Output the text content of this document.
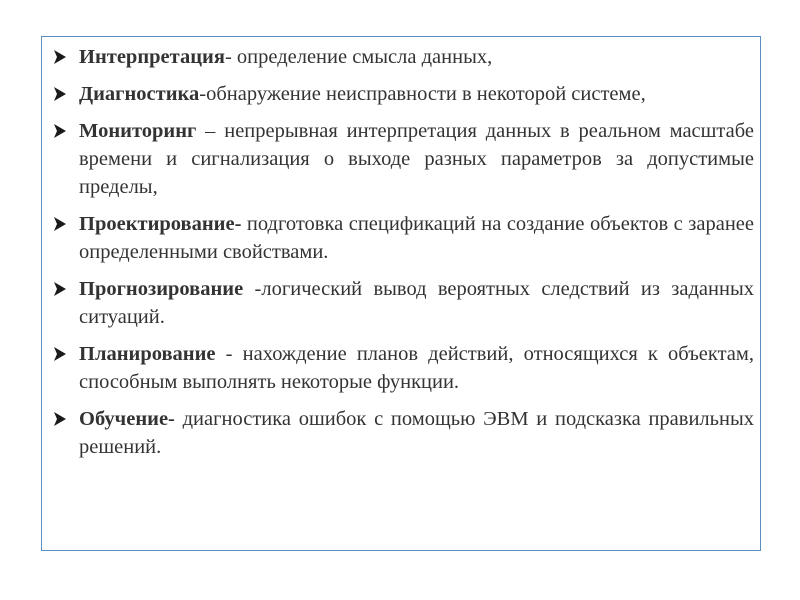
Интерпретация- определение смысла данных,
Диагностика-обнаружение неисправности в некоторой системе,
Мониторинг – непрерывная интерпретация данных в реальном масштабе времени и сигнализация о выходе разных параметров за допустимые пределы,
Проектирование- подготовка спецификаций на создание объектов с заранее определенными свойствами.
Прогнозирование -логический вывод вероятных следствий из заданных ситуаций.
Планирование - нахождение планов действий, относящихся к объектам, способным выполнять некоторые функции.
Обучение- диагностика ошибок с помощью ЭВМ и подсказка правильных решений.
